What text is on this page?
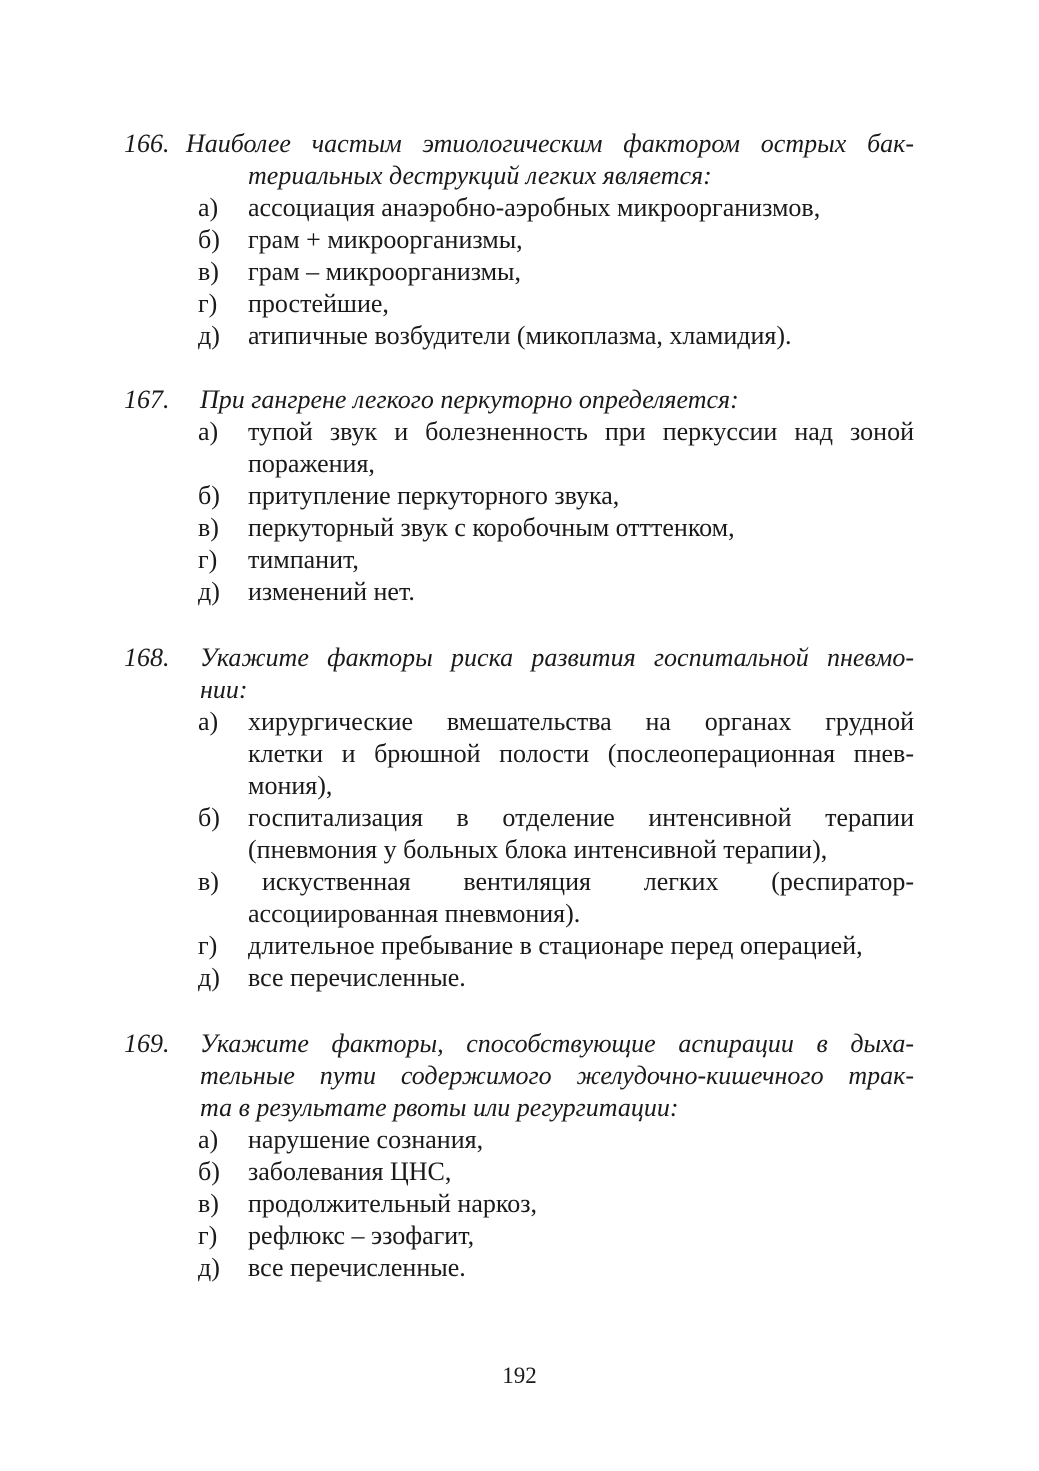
166. Наиболее частым этиологическим фактором острых бак-
териальных деструкций легких является:
а) ассоциация анаэробно-аэробных микроорганизмов,
б) грам + микроорганизмы,
в) грам – микроорганизмы,
г) простейшие,
д) атипичные возбудители (микоплазма, хламидия).
167. При гангрене легкого перкуторно определяется:
а) тупой звук и болезненность при перкуссии над зоной
поражения,
б) притупление перкуторного звука,
в) перкуторный звук с коробочным отттенком,
г) тимпанит,
д) изменений нет.
168. Укажите факторы риска развития госпитальной пневмо-
нии:
а) хирургические вмешательства на органах грудной
клетки и брюшной полости (послеоперационная пнев-
мония),
б) госпитализация в отделение интенсивной терапии
(пневмония у больных блока интенсивной терапии),
в) искуственная вентиляция легких (респиратор-
ассоциированная пневмония).
г) длительное пребывание в стационаре перед операцией,
д) все перечисленные.
169. Укажите факторы, способствующие аспирации в дыха-
тельные пути содержимого желудочно-кишечного трак-
та в результате рвоты или регургитации:
а) нарушение сознания,
б) заболевания ЦНС,
в) продолжительный наркоз,
г) рефлюкс – эзофагит,
д) все перечисленные.
192
